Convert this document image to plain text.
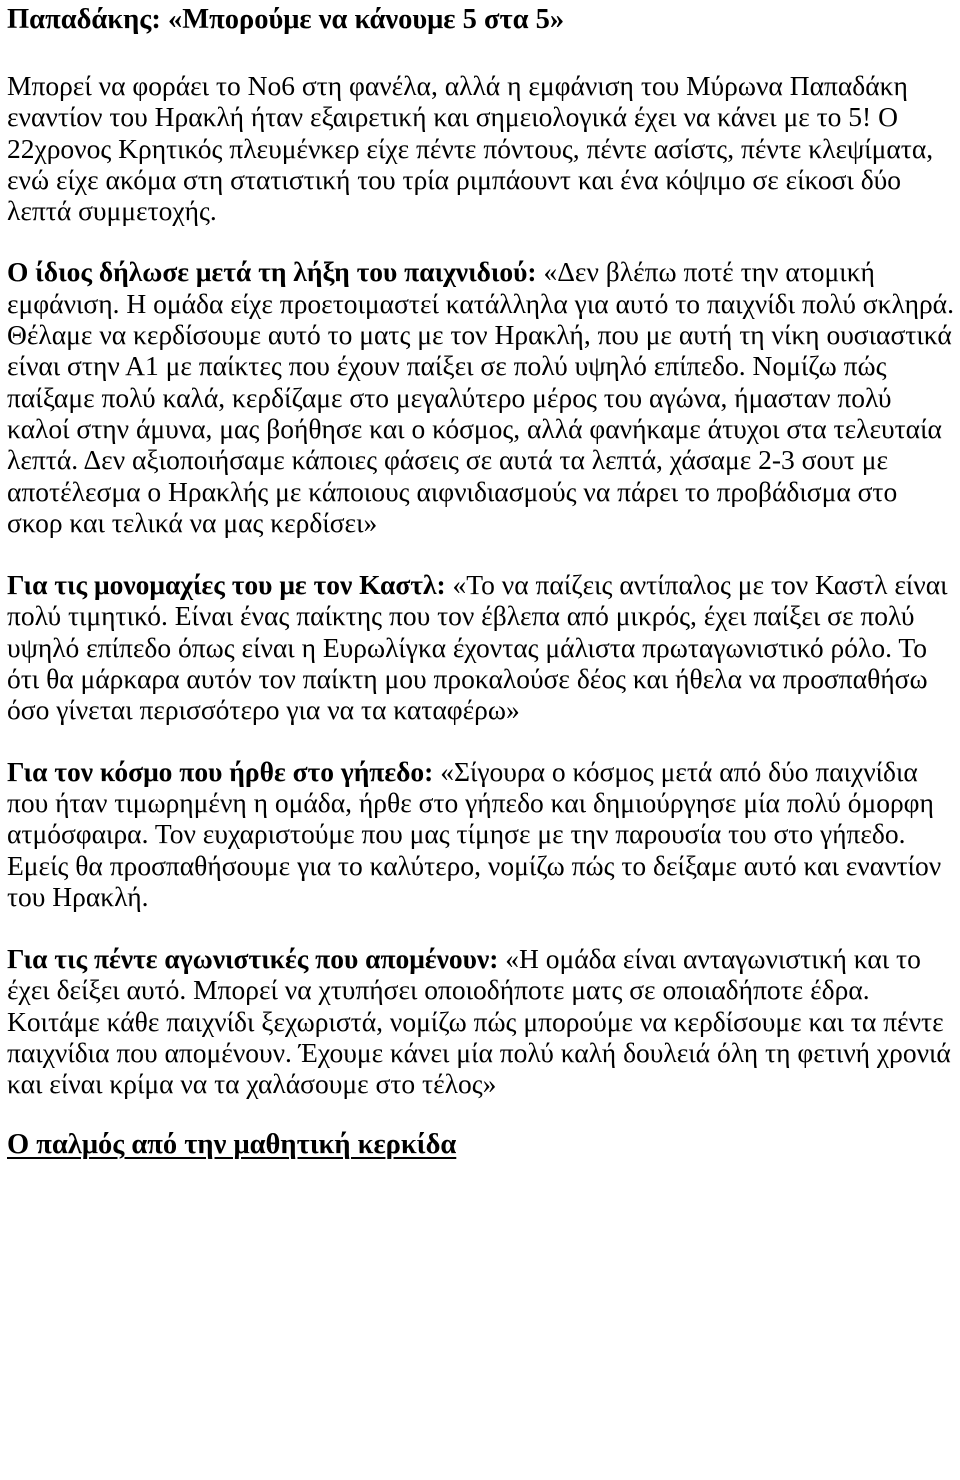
Παπαδάκης: «Μπορούμε να κάνουμε 5 στα 5»

Μπορεί να φοράει το Νο6 στη φανέλα, αλλά η εμφάνιση του Μύρωνα Παπαδάκη εναντίον του Ηρακλή ήταν εξαιρετική και σημειολογικά έχει να κάνει με το 5! Ο 22χρονος Κρητικός πλευμένκερ είχε πέντε πόντους, πέντε ασίστς, πέντε κλεψίματα, ενώ είχε ακόμα στη στατιστική του τρία ριμπάουντ και ένα κόψιμο σε είκοσι δύο λεπτά συμμετοχής.

Ο ίδιος δήλωσε μετά τη λήξη του παιχνιδιού: «Δεν βλέπω ποτέ την ατομική εμφάνιση. Η ομάδα είχε προετοιμαστεί κατάλληλα για αυτό το παιχνίδι πολύ σκληρά. Θέλαμε να κερδίσουμε αυτό το ματς με τον Ηρακλή, που με αυτή τη νίκη ουσιαστικά είναι στην Α1 με παίκτες που έχουν παίξει σε πολύ υψηλό επίπεδο. Νομίζω πώς παίξαμε πολύ καλά, κερδίζαμε στο μεγαλύτερο μέρος του αγώνα, ήμασταν πολύ καλοί στην άμυνα, μας βοήθησε και ο κόσμος, αλλά φανήκαμε άτυχοι στα τελευταία λεπτά. Δεν αξιοποιήσαμε κάποιες φάσεις σε αυτά τα λεπτά, χάσαμε 2-3 σουτ με αποτέλεσμα ο Ηρακλής με κάποιους αιφνιδιασμούς να πάρει το προβάδισμα στο σκορ και τελικά να μας κερδίσει»

Για τις μονομαχίες του με τον Καστλ: «Το να παίζεις αντίπαλος με τον Καστλ είναι πολύ τιμητικό. Είναι ένας παίκτης που τον έβλεπα από μικρός, έχει παίξει σε πολύ υψηλό επίπεδο όπως είναι η Ευρωλίγκα έχοντας μάλιστα πρωταγωνιστικό ρόλο. Το ότι θα μάρκαρα αυτόν τον παίκτη μου προκαλούσε δέος και ήθελα να προσπαθήσω όσο γίνεται περισσότερο για να τα καταφέρω»

Για τον κόσμο που ήρθε στο γήπεδο: «Σίγουρα ο κόσμος μετά από δύο παιχνίδια που ήταν τιμωρημένη η ομάδα, ήρθε στο γήπεδο και δημιούργησε μία πολύ όμορφη ατμόσφαιρα. Τον ευχαριστούμε που μας τίμησε με την παρουσία του στο γήπεδο. Εμείς θα προσπαθήσουμε για το καλύτερο, νομίζω πώς το δείξαμε αυτό και εναντίον του Ηρακλή.

Για τις πέντε αγωνιστικές που απομένουν: «Η ομάδα είναι ανταγωνιστική και το έχει δείξει αυτό. Μπορεί να χτυπήσει οποιοδήποτε ματς σε οποιαδήποτε έδρα. Κοιτάμε κάθε παιχνίδι ξεχωριστά, νομίζω πώς μπορούμε να κερδίσουμε και τα πέντε παιχνίδια που απομένουν. Έχουμε κάνει μία πολύ καλή δουλειά όλη τη φετινή χρονιά και είναι κρίμα να τα χαλάσουμε στο τέλος»

Ο παλμός από την μαθητική κερκίδα
